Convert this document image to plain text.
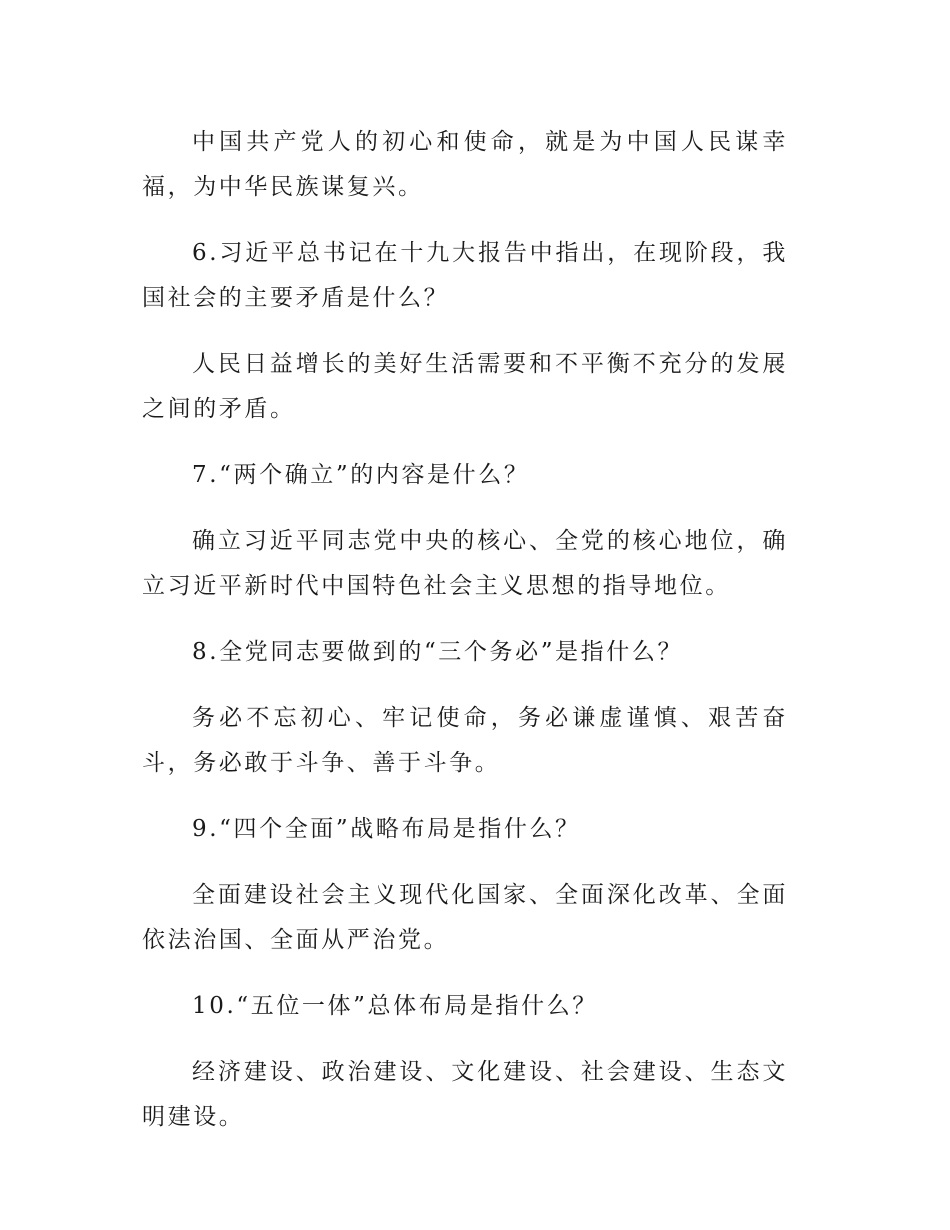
中国共产党人的初心和使命，就是为中国人民谋幸福，为中华民族谋复兴。

6.习近平总书记在十九大报告中指出，在现阶段，我国社会的主要矛盾是什么？

人民日益增长的美好生活需要和不平衡不充分的发展之间的矛盾。

7.“两个确立”的内容是什么？

确立习近平同志党中央的核心、全党的核心地位，确立习近平新时代中国特色社会主义思想的指导地位。

8.全党同志要做到的“三个务必”是指什么？

务必不忘初心、牢记使命，务必谦虚谨慎、艰苦奋斗，务必敢于斗争、善于斗争。

9.“四个全面”战略布局是指什么？

全面建设社会主义现代化国家、全面深化改革、全面依法治国、全面从严治党。

10.“五位一体”总体布局是指什么？

经济建设、政治建设、文化建设、社会建设、生态文明建设。
